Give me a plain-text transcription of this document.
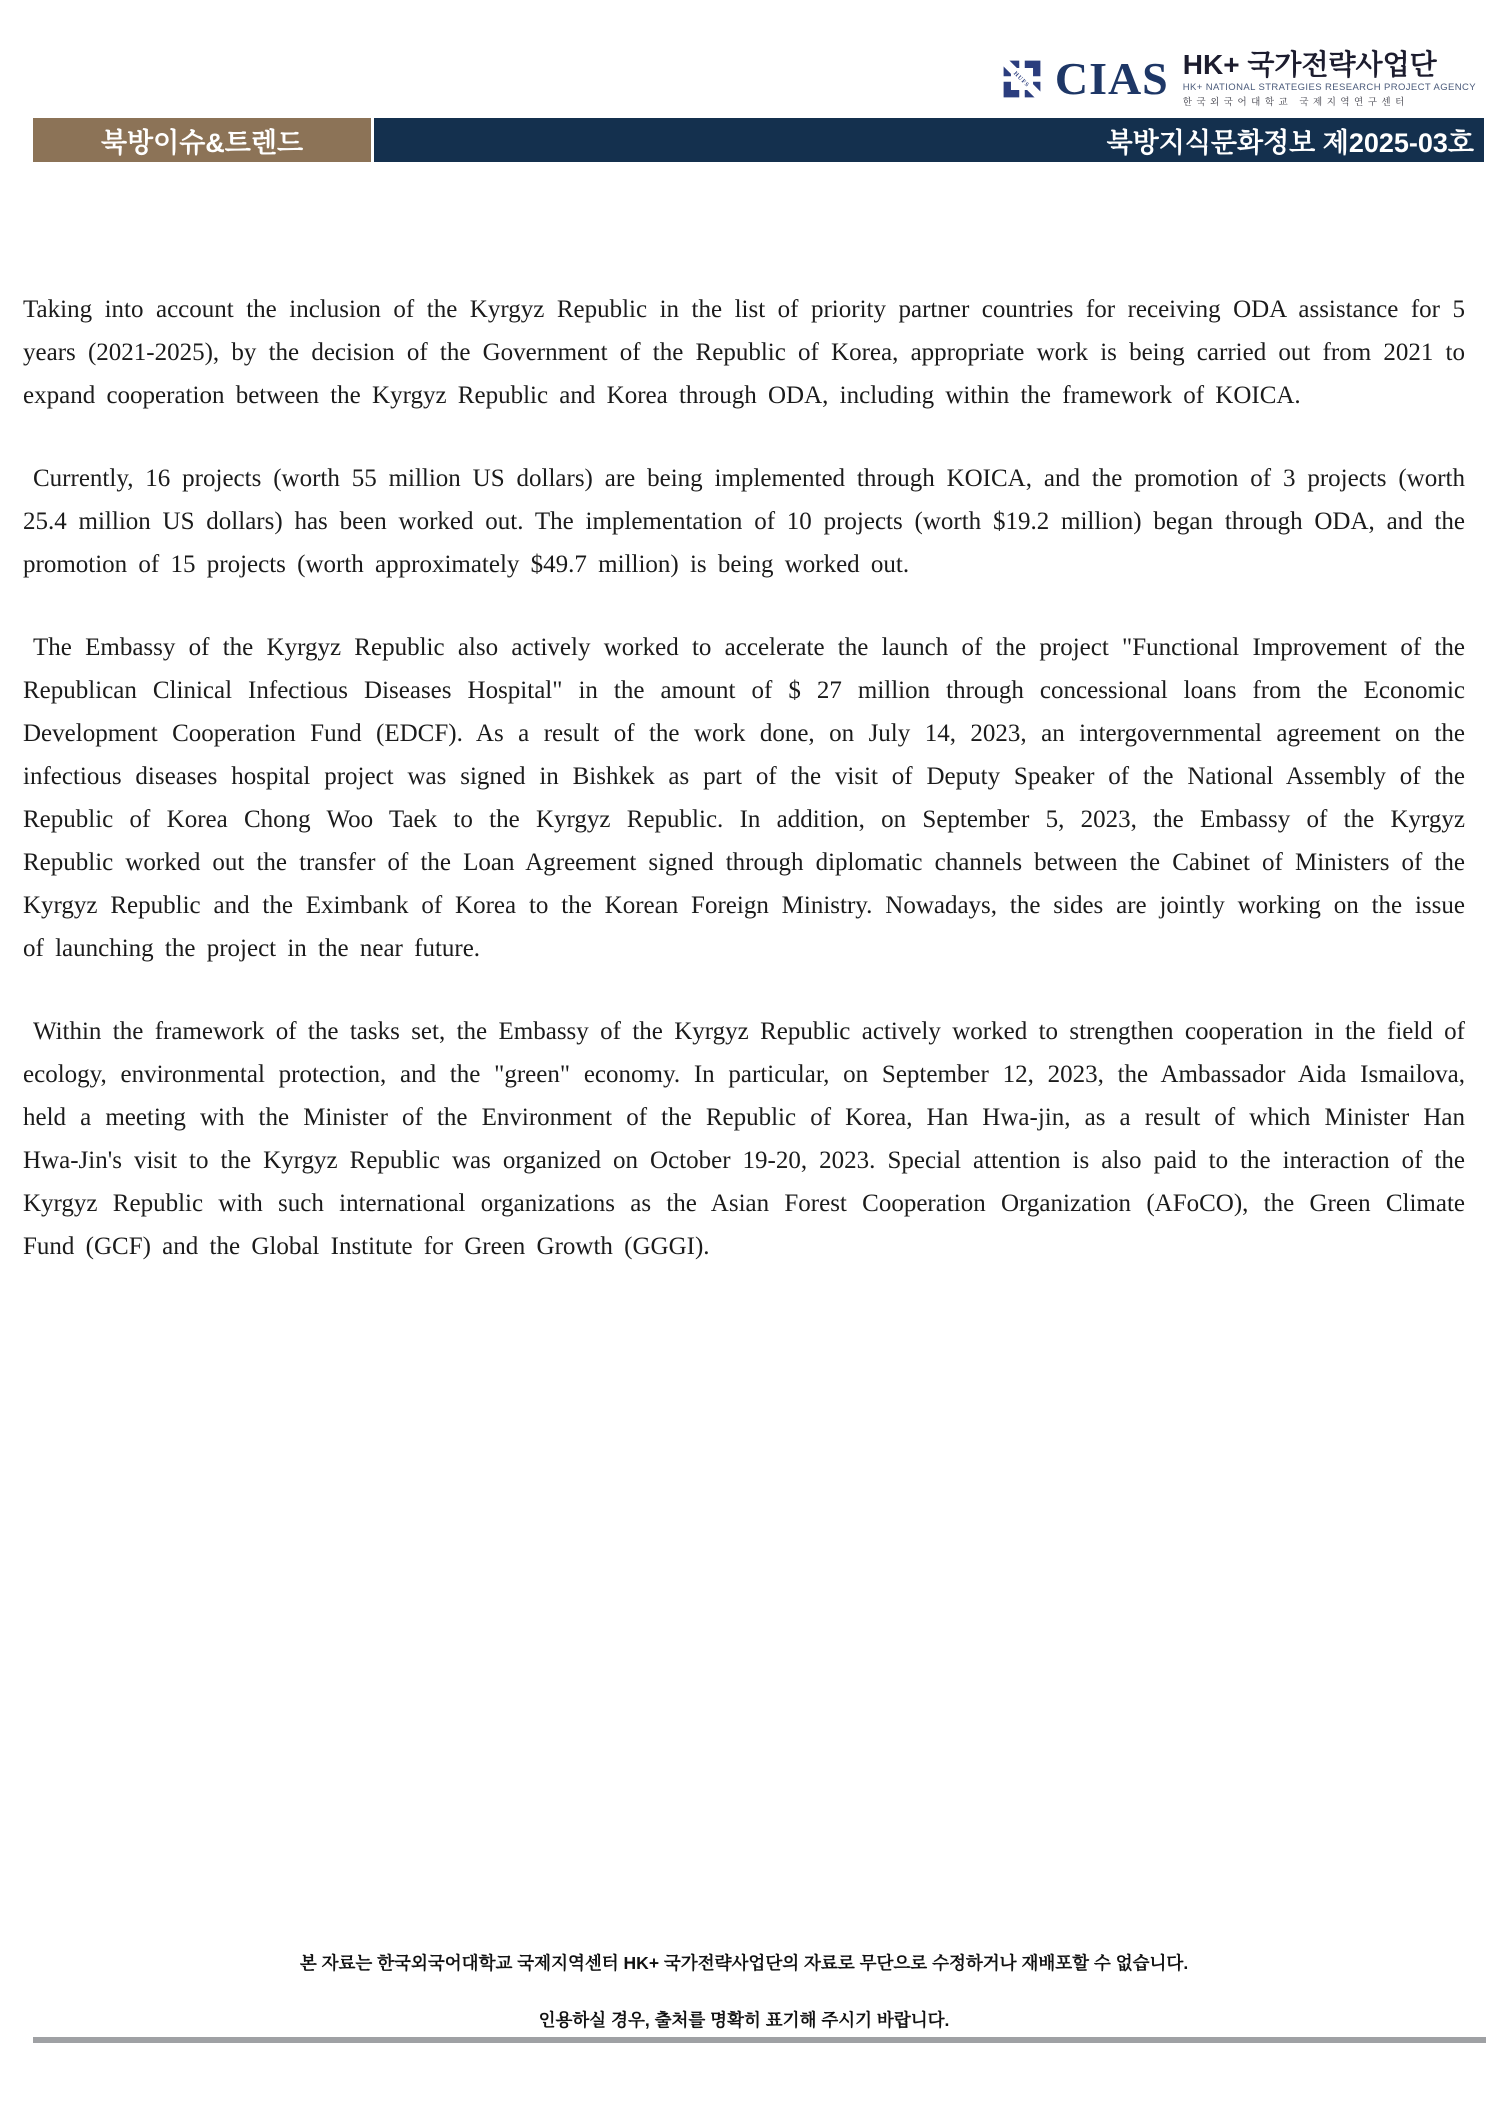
HUFS CIAS HK+ 국가전략사업단
HK+ NATIONAL STRATEGIES RESEARCH PROJECT AGENCY
한국외국어대학교 국제지역연구센터
북방이슈&트렌드	북방지식문화정보 제2025-03호

Taking into account the inclusion of the Kyrgyz Republic in the list of priority partner countries for receiving ODA assistance for 5 years (2021-2025), by the decision of the Government of the Republic of Korea, appropriate work is being carried out from 2021 to expand cooperation between the Kyrgyz Republic and Korea through ODA, including within the framework of KOICA.

Currently, 16 projects (worth 55 million US dollars) are being implemented through KOICA, and the promotion of 3 projects (worth 25.4 million US dollars) has been worked out. The implementation of 10 projects (worth $19.2 million) began through ODA, and the promotion of 15 projects (worth approximately $49.7 million) is being worked out.

The Embassy of the Kyrgyz Republic also actively worked to accelerate the launch of the project "Functional Improvement of the Republican Clinical Infectious Diseases Hospital" in the amount of $ 27 million through concessional loans from the Economic Development Cooperation Fund (EDCF). As a result of the work done, on July 14, 2023, an intergovernmental agreement on the infectious diseases hospital project was signed in Bishkek as part of the visit of Deputy Speaker of the National Assembly of the Republic of Korea Chong Woo Taek to the Kyrgyz Republic. In addition, on September 5, 2023, the Embassy of the Kyrgyz Republic worked out the transfer of the Loan Agreement signed through diplomatic channels between the Cabinet of Ministers of the Kyrgyz Republic and the Eximbank of Korea to the Korean Foreign Ministry. Nowadays, the sides are jointly working on the issue of launching the project in the near future.

Within the framework of the tasks set, the Embassy of the Kyrgyz Republic actively worked to strengthen cooperation in the field of ecology, environmental protection, and the "green" economy. In particular, on September 12, 2023, the Ambassador Aida Ismailova, held a meeting with the Minister of the Environment of the Republic of Korea, Han Hwa-jin, as a result of which Minister Han Hwa-Jin's visit to the Kyrgyz Republic was organized on October 19-20, 2023. Special attention is also paid to the interaction of the Kyrgyz Republic with such international organizations as the Asian Forest Cooperation Organization (AFoCO), the Green Climate Fund (GCF) and the Global Institute for Green Growth (GGGI).

본 자료는 한국외국어대학교 국제지역센터 HK+ 국가전략사업단의 자료로 무단으로 수정하거나 재배포할 수 없습니다.
인용하실 경우, 출처를 명확히 표기해 주시기 바랍니다.
